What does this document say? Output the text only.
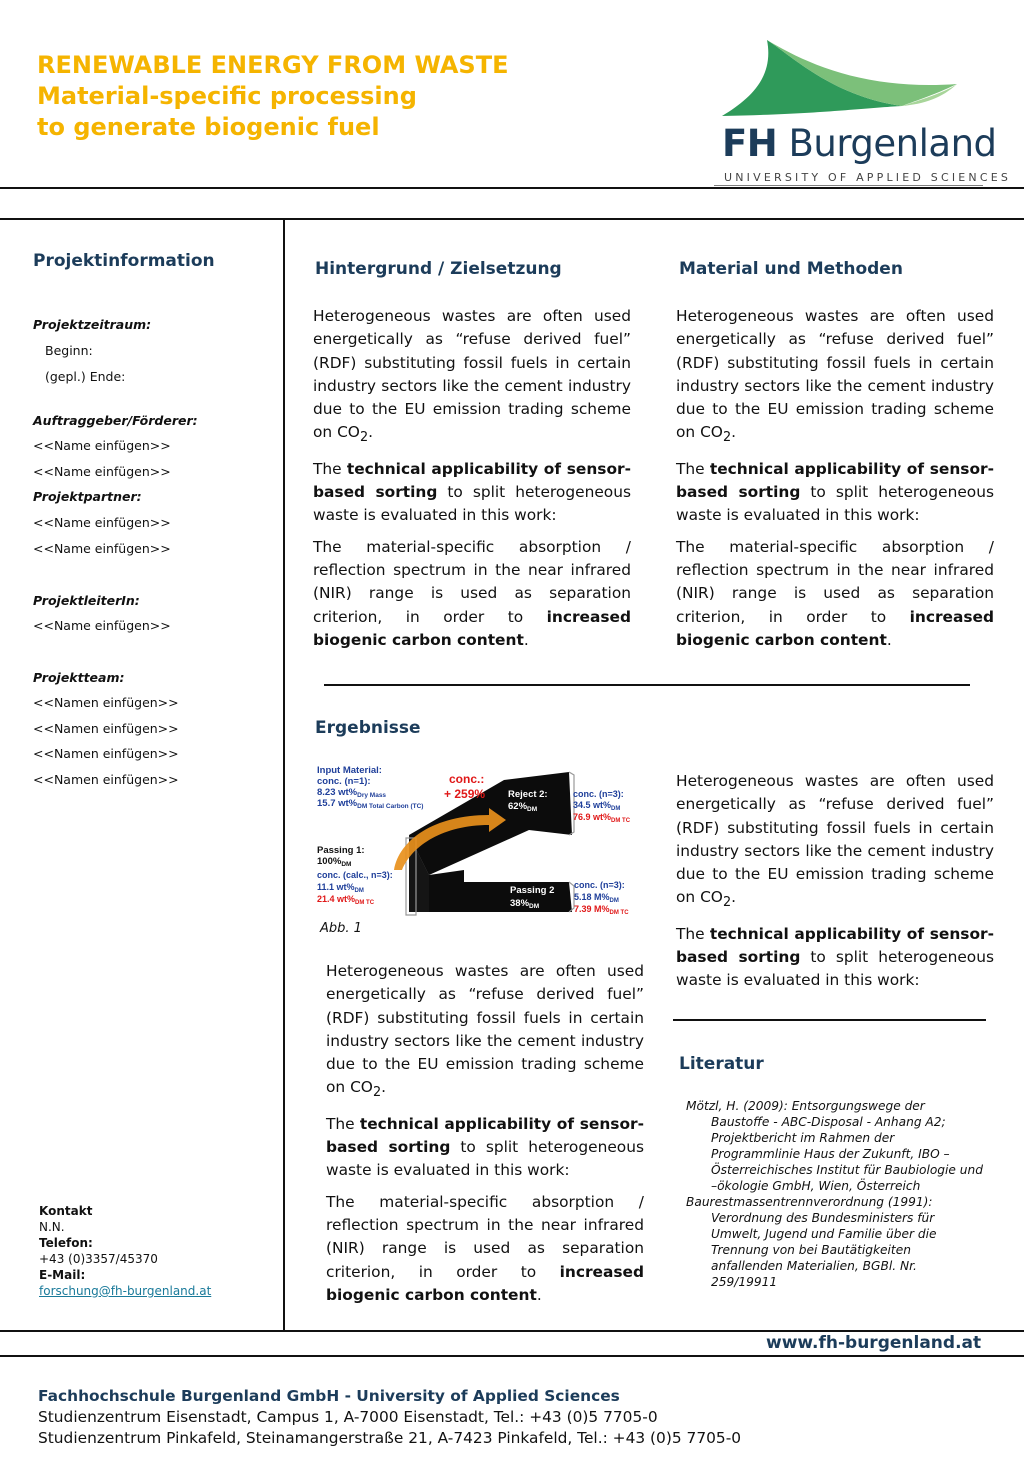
RENEWABLE ENERGY FROM WASTE
Material-specific processing
to generate biogenic fuel	FH Burgenland
UNIVERSITY OF APPLIED SCIENCES
Projektinformation
Projektzeitraum:
Beginn:
(gepl.) Ende:
Auftraggeber/Förderer:
<<Name einfügen>>
<<Name einfügen>>
Projektpartner:
<<Name einfügen>>
<<Name einfügen>>
ProjektleiterIn:
<<Name einfügen>>
Projektteam:
<<Namen einfügen>>
<<Namen einfügen>>
<<Namen einfügen>>
<<Namen einfügen>>
Kontakt
N.N.
Telefon:
+43 (0)3357/45370
E-Mail:
forschung@fh-burgenland.at
Hintergrund / Zielsetzung

Heterogeneous wastes are often used energetically as “refuse derived fuel” (RDF) substituting fossil fuels in certain industry sectors like the cement industry due to the EU emission trading scheme on $CO_2$.

The technical applicability of sensor-based sorting to split heterogeneous waste is evaluated in this work:

The material-specific absorption / reflection spectrum in the near infrared (NIR) range is used as separation criterion, in order to increased biogenic carbon content.

Material und Methoden

Heterogeneous wastes are often used energetically as “refuse derived fuel” (RDF) substituting fossil fuels in certain industry sectors like the cement industry due to the EU emission trading scheme on $CO_2$.

The technical applicability of sensor-based sorting to split heterogeneous waste is evaluated in this work:

The material-specific absorption / reflection spectrum in the near infrared (NIR) range is used as separation criterion, in order to increased biogenic carbon content.

Ergebnisse
Input Material:
conc. (n=1):
8.23 $wt\%_{Dry Mass}$
15.7 $wt\%_{DM Total Carbon (TC)}$
conc.:
+ 259% Reject 2:
$62\%_{DM}$
conc. (n=3):
34.5 $wt\%_{DM}$
76.9 $wt\%_{DM TC}$
Passing 1:
$100\%_{DM}$
conc. (calc., n=3):
11.1 $wt\%_{DM}$
21.4 $wt\%_{DM TC}$
Passing 2
$38\%_{DM}$
conc. (n=3):
5.18 $M\%_{DM}$
7.39 $M\%_{DM TC}$
Abb. 1

Heterogeneous wastes are often used energetically as “refuse derived fuel” (RDF) substituting fossil fuels in certain industry sectors like the cement industry due to the EU emission trading scheme on $CO_2$.

The technical applicability of sensor-based sorting to split heterogeneous waste is evaluated in this work:

The material-specific absorption / reflection spectrum in the near infrared (NIR) range is used as separation criterion, in order to increased biogenic carbon content.

Heterogeneous wastes are often used energetically as “refuse derived fuel” (RDF) substituting fossil fuels in certain industry sectors like the cement industry due to the EU emission trading scheme on $CO_2$.

The technical applicability of sensor-based sorting to split heterogeneous waste is evaluated in this work:

Literatur
Mötzl, H. (2009): Entsorgungswege der Baustoffe - ABC-Disposal - Anhang A2; Projektbericht im Rahmen der Programmlinie Haus der Zukunft, IBO – Österreichisches Institut für Baubiologie und –ökologie GmbH, Wien, Österreich
Baurestmassentrennverordnung (1991): Verordnung des Bundesministers für Umwelt, Jugend und Familie über die Trennung von bei Bautätigkeiten anfallenden Materialien, BGBl. Nr. 259/19911
www.fh-burgenland.at
Fachhochschule Burgenland GmbH - University of Applied Sciences
Studienzentrum Eisenstadt, Campus 1, A-7000 Eisenstadt, Tel.: +43 (0)5 7705-0
Studienzentrum Pinkafeld, Steinamangerstraße 21, A-7423 Pinkafeld, Tel.: +43 (0)5 7705-0
